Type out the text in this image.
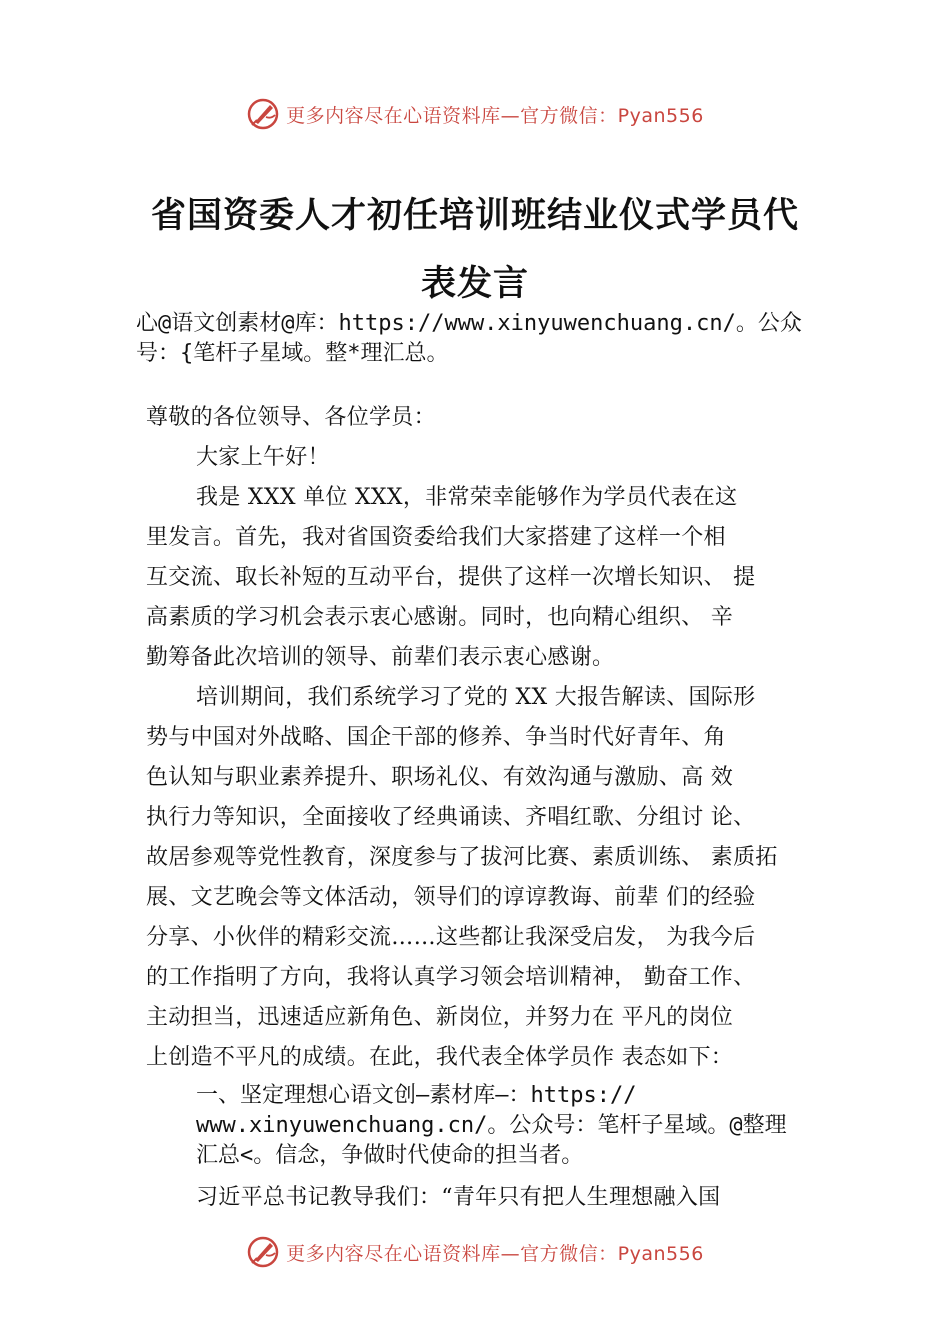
更多内容尽在心语资料库—官方微信：Pyan556
省国资委人才初任培训班结业仪式学员代
表发言
心@语文创素材@库：https://www.xinyuwenchuang.cn/。公众
号：{笔杆子星域。整*理汇总。
尊敬的各位领导、各位学员：
大家上午好！
我是 XXX 单位 XXX，非常荣幸能够作为学员代表在这
里发言。首先，我对省国资委给我们大家搭建了这样一个相
互交流、取长补短的互动平台，提供了这样一次增长知识、 提
高素质的学习机会表示衷心感谢。同时，也向精心组织、 辛
勤筹备此次培训的领导、前辈们表示衷心感谢。
培训期间，我们系统学习了党的 XX 大报告解读、国际形
势与中国对外战略、国企干部的修养、争当时代好青年、角
色认知与职业素养提升、职场礼仪、有效沟通与激励、高 效
执行力等知识，全面接收了经典诵读、齐唱红歌、分组讨 论、
故居参观等党性教育，深度参与了拔河比赛、素质训练、 素质拓
展、文艺晚会等文体活动，领导们的谆谆教诲、前辈 们的经验
分享、小伙伴的精彩交流……这些都让我深受启发， 为我今后
的工作指明了方向，我将认真学习领会培训精神， 勤奋工作、
主动担当，迅速适应新角色、新岗位，并努力在 平凡的岗位
上创造不平凡的成绩。在此，我代表全体学员作 表态如下：
一、坚定理想心语文创—素材库—：https://
www.xinyuwenchuang.cn/。公众号：笔杆子星域。@整理
汇总<。信念，争做时代使命的担当者。
习近平总书记教导我们：“青年只有把人生理想融入国
更多内容尽在心语资料库—官方微信：Pyan556
